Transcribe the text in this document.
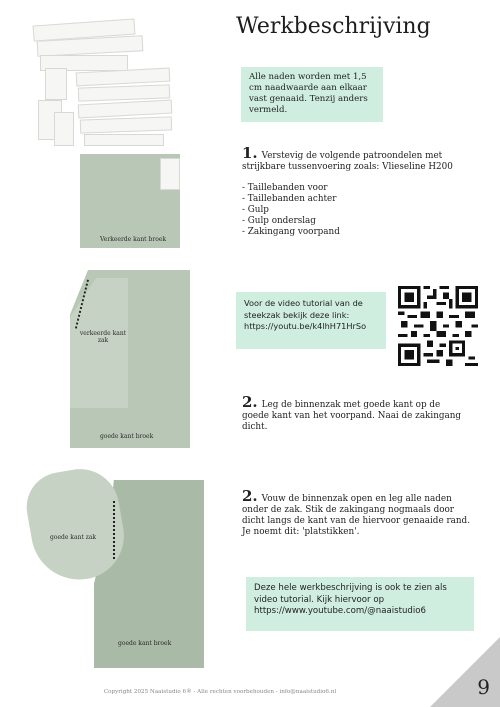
Werkbeschrijving
Verkeerde kant broek
Alle naden worden met 1,5 cm naadwaarde aan elkaar vast genaaid. Tenzij anders vermeld.
1. Verstevig de volgende patroondelen met strijkbare tussenvoering zoals: Vlieseline H200
- Taillebanden voor
- Taillebanden achter
- Gulp
- Gulp onderslag
- Zakingang voorpand
verkeerde kant zak
goede kant broek
Voor de video tutorial van de steekzak bekijk deze link:
https://youtu.be/k4lhH71HrSo
2. Leg de binnenzak met goede kant op de goede kant van het voorpand. Naai de zakingang dicht.
goede kant zak
goede kant broek
2. Vouw de binnenzak open en leg alle naden onder de zak. Stik de zakingang nogmaals door dicht langs de kant van de hiervoor genaaide rand. Je noemt dit: 'platstikken'.
Deze hele werkbeschrijving is ook te zien als video tutorial. Kijk hiervoor op
https://www.youtube.com/@naaistudio6
Copyright 2025 Naaistudio 6® - Alle rechten voorbehouden - info@naaistudio6.nl	9
